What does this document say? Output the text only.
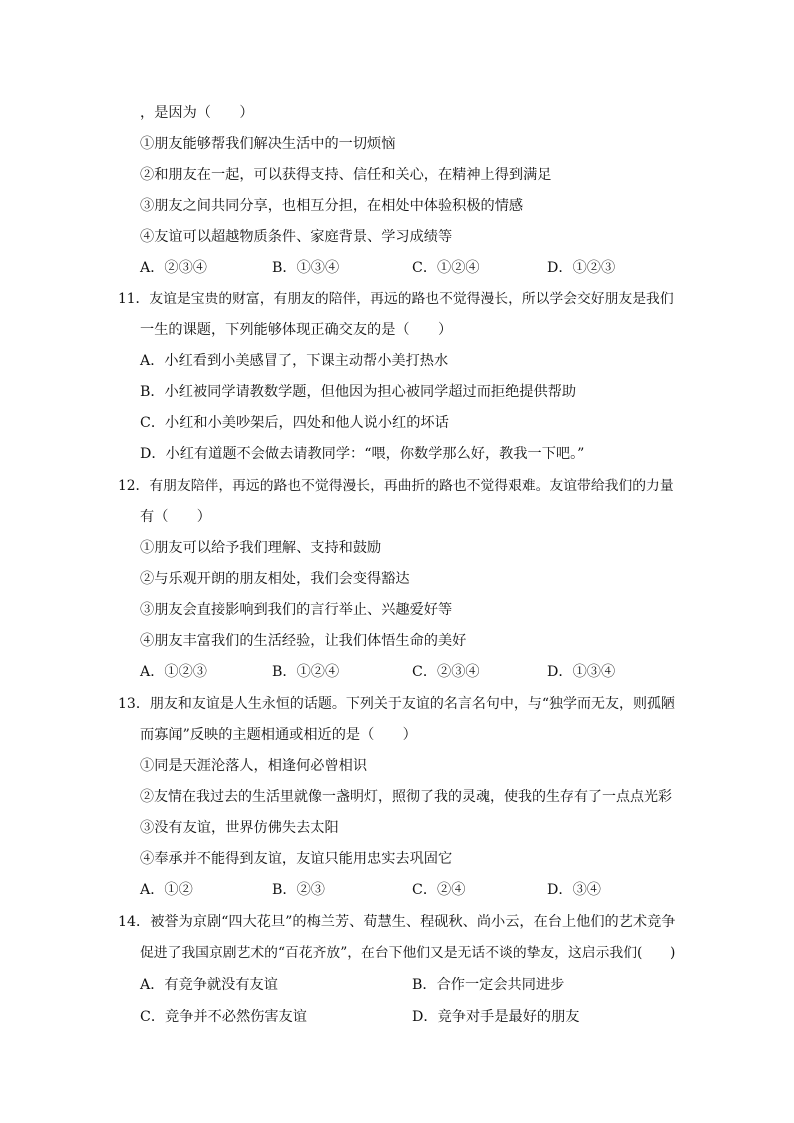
，是因为（　　）
①朋友能够帮我们解决生活中的一切烦恼
②和朋友在一起，可以获得支持、信任和关心，在精神上得到满足
③朋友之间共同分享，也相互分担，在相处中体验积极的情感
④友谊可以超越物质条件、家庭背景、学习成绩等
A．②③④	B．①③④	C．①②④	D．①②③
11．友谊是宝贵的财富，有朋友的陪伴，再远的路也不觉得漫长，所以学会交好朋友是我们
一生的课题，下列能够体现正确交友的是（　　）
A．小红看到小美感冒了，下课主动帮小美打热水
B．小红被同学请教数学题，但他因为担心被同学超过而拒绝提供帮助
C．小红和小美吵架后，四处和他人说小红的坏话
D．小红有道题不会做去请教同学：“喂，你数学那么好，教我一下吧。”
12．有朋友陪伴，再远的路也不觉得漫长，再曲折的路也不觉得艰难。友谊带给我们的力量
有（　　）
①朋友可以给予我们理解、支持和鼓励
②与乐观开朗的朋友相处，我们会变得豁达
③朋友会直接影响到我们的言行举止、兴趣爱好等
④朋友丰富我们的生活经验，让我们体悟生命的美好
A．①②③	B．①②④	C．②③④	D．①③④
13．朋友和友谊是人生永恒的话题。下列关于友谊的名言名句中，与“独学而无友，则孤陋
而寡闻”反映的主题相通或相近的是（　　）
①同是天涯沦落人，相逢何必曾相识
②友情在我过去的生活里就像一盏明灯，照彻了我的灵魂，使我的生存有了一点点光彩
③没有友谊，世界仿佛失去太阳
④奉承并不能得到友谊，友谊只能用忠实去巩固它
A．①②	B．②③	C．②④	D．③④
14．被誉为京剧“四大花旦”的梅兰芳、荀慧生、程砚秋、尚小云，在台上他们的艺术竞争
促进了我国京剧艺术的“百花齐放”，在台下他们又是无话不谈的挚友，这启示我们(　　)
A．有竞争就没有友谊	B．合作一定会共同进步
C．竞争并不必然伤害友谊	D．竞争对手是最好的朋友
